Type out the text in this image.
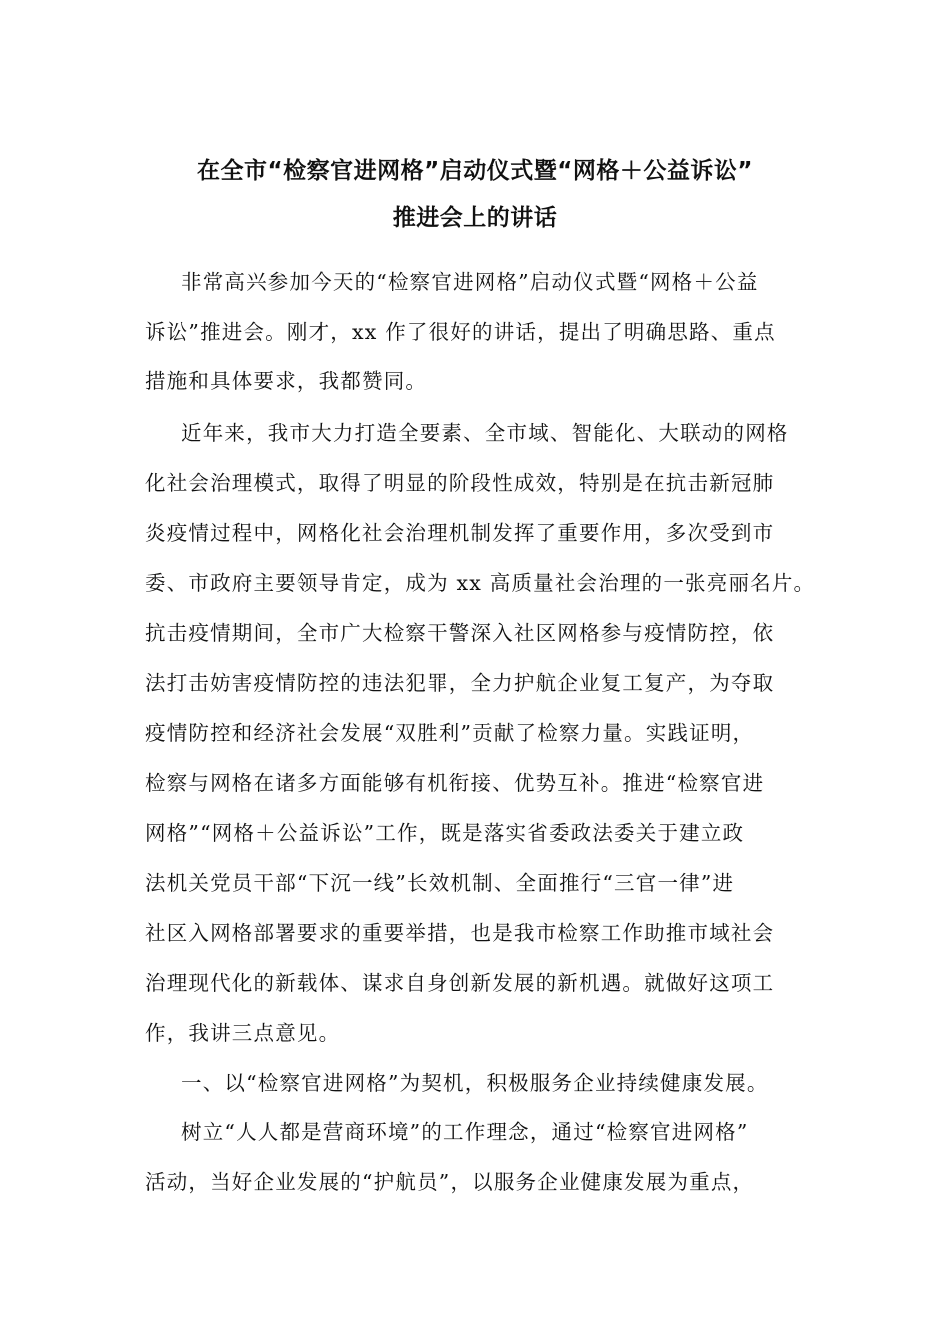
在全市“检察官进网格”启动仪式暨“网格＋公益诉讼”
推进会上的讲话
非常高兴参加今天的“检察官进网格”启动仪式暨“网格＋公益
诉讼”推进会。刚才，xx 作了很好的讲话，提出了明确思路、重点
措施和具体要求，我都赞同。
近年来，我市大力打造全要素、全市域、智能化、大联动的网格
化社会治理模式，取得了明显的阶段性成效，特别是在抗击新冠肺
炎疫情过程中，网格化社会治理机制发挥了重要作用，多次受到市
委、市政府主要领导肯定，成为 xx 高质量社会治理的一张亮丽名片。
抗击疫情期间，全市广大检察干警深入社区网格参与疫情防控，依
法打击妨害疫情防控的违法犯罪，全力护航企业复工复产，为夺取
疫情防控和经济社会发展“双胜利”贡献了检察力量。实践证明，
检察与网格在诸多方面能够有机衔接、优势互补。推进“检察官进
网格”“网格＋公益诉讼”工作，既是落实省委政法委关于建立政
法机关党员干部“下沉一线”长效机制、全面推行“三官一律”进
社区入网格部署要求的重要举措，也是我市检察工作助推市域社会
治理现代化的新载体、谋求自身创新发展的新机遇。就做好这项工
作，我讲三点意见。
一、以“检察官进网格”为契机，积极服务企业持续健康发展。
树立“人人都是营商环境”的工作理念，通过“检察官进网格”
活动，当好企业发展的“护航员”，以服务企业健康发展为重点，
